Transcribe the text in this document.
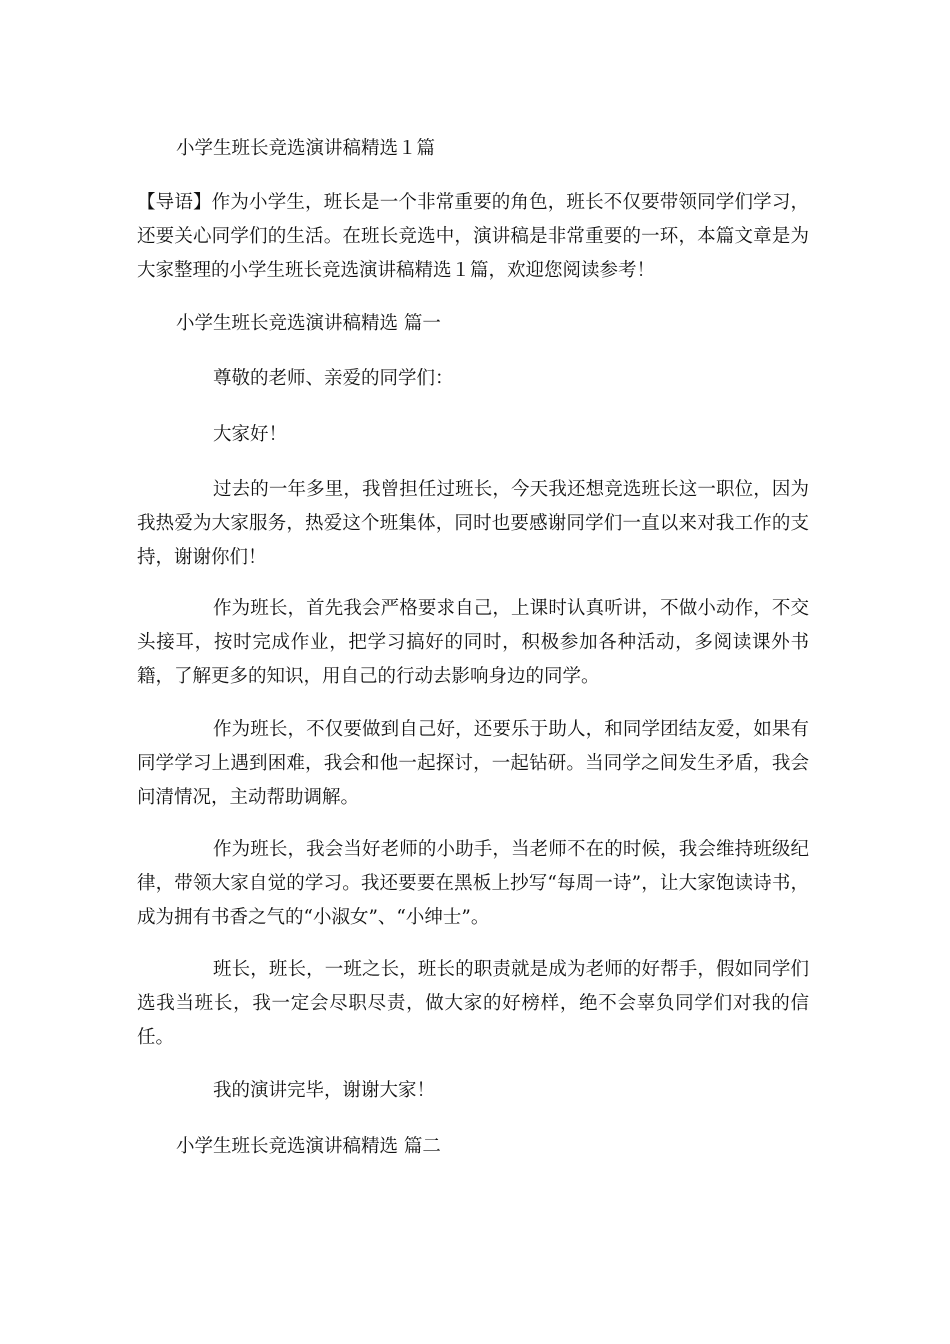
小学生班长竞选演讲稿精选１篇

【导语】作为小学生，班长是一个非常重要的角色，班长不仅要带领同学们学习，还要关心同学们的生活。在班长竞选中，演讲稿是非常重要的一环，本篇文章是为大家整理的小学生班长竞选演讲稿精选１篇，欢迎您阅读参考！

小学生班长竞选演讲稿精选 篇一

尊敬的老师、亲爱的同学们：

大家好！

过去的一年多里，我曾担任过班长，今天我还想竞选班长这一职位，因为我热爱为大家服务，热爱这个班集体，同时也要感谢同学们一直以来对我工作的支持，谢谢你们！

作为班长，首先我会严格要求自己，上课时认真听讲，不做小动作，不交头接耳，按时完成作业，把学习搞好的同时，积极参加各种活动，多阅读课外书籍，了解更多的知识，用自己的行动去影响身边的同学。

作为班长，不仅要做到自己好，还要乐于助人，和同学团结友爱，如果有同学学习上遇到困难，我会和他一起探讨，一起钻研。当同学之间发生矛盾，我会问清情况，主动帮助调解。

作为班长，我会当好老师的小助手，当老师不在的时候，我会维持班级纪律，带领大家自觉的学习。我还要要在黑板上抄写“每周一诗”，让大家饱读诗书，成为拥有书香之气的“小淑女”、“小绅士”。

班长，班长，一班之长，班长的职责就是成为老师的好帮手，假如同学们选我当班长，我一定会尽职尽责，做大家的好榜样，绝不会辜负同学们对我的信任。

我的演讲完毕，谢谢大家！

小学生班长竞选演讲稿精选 篇二
